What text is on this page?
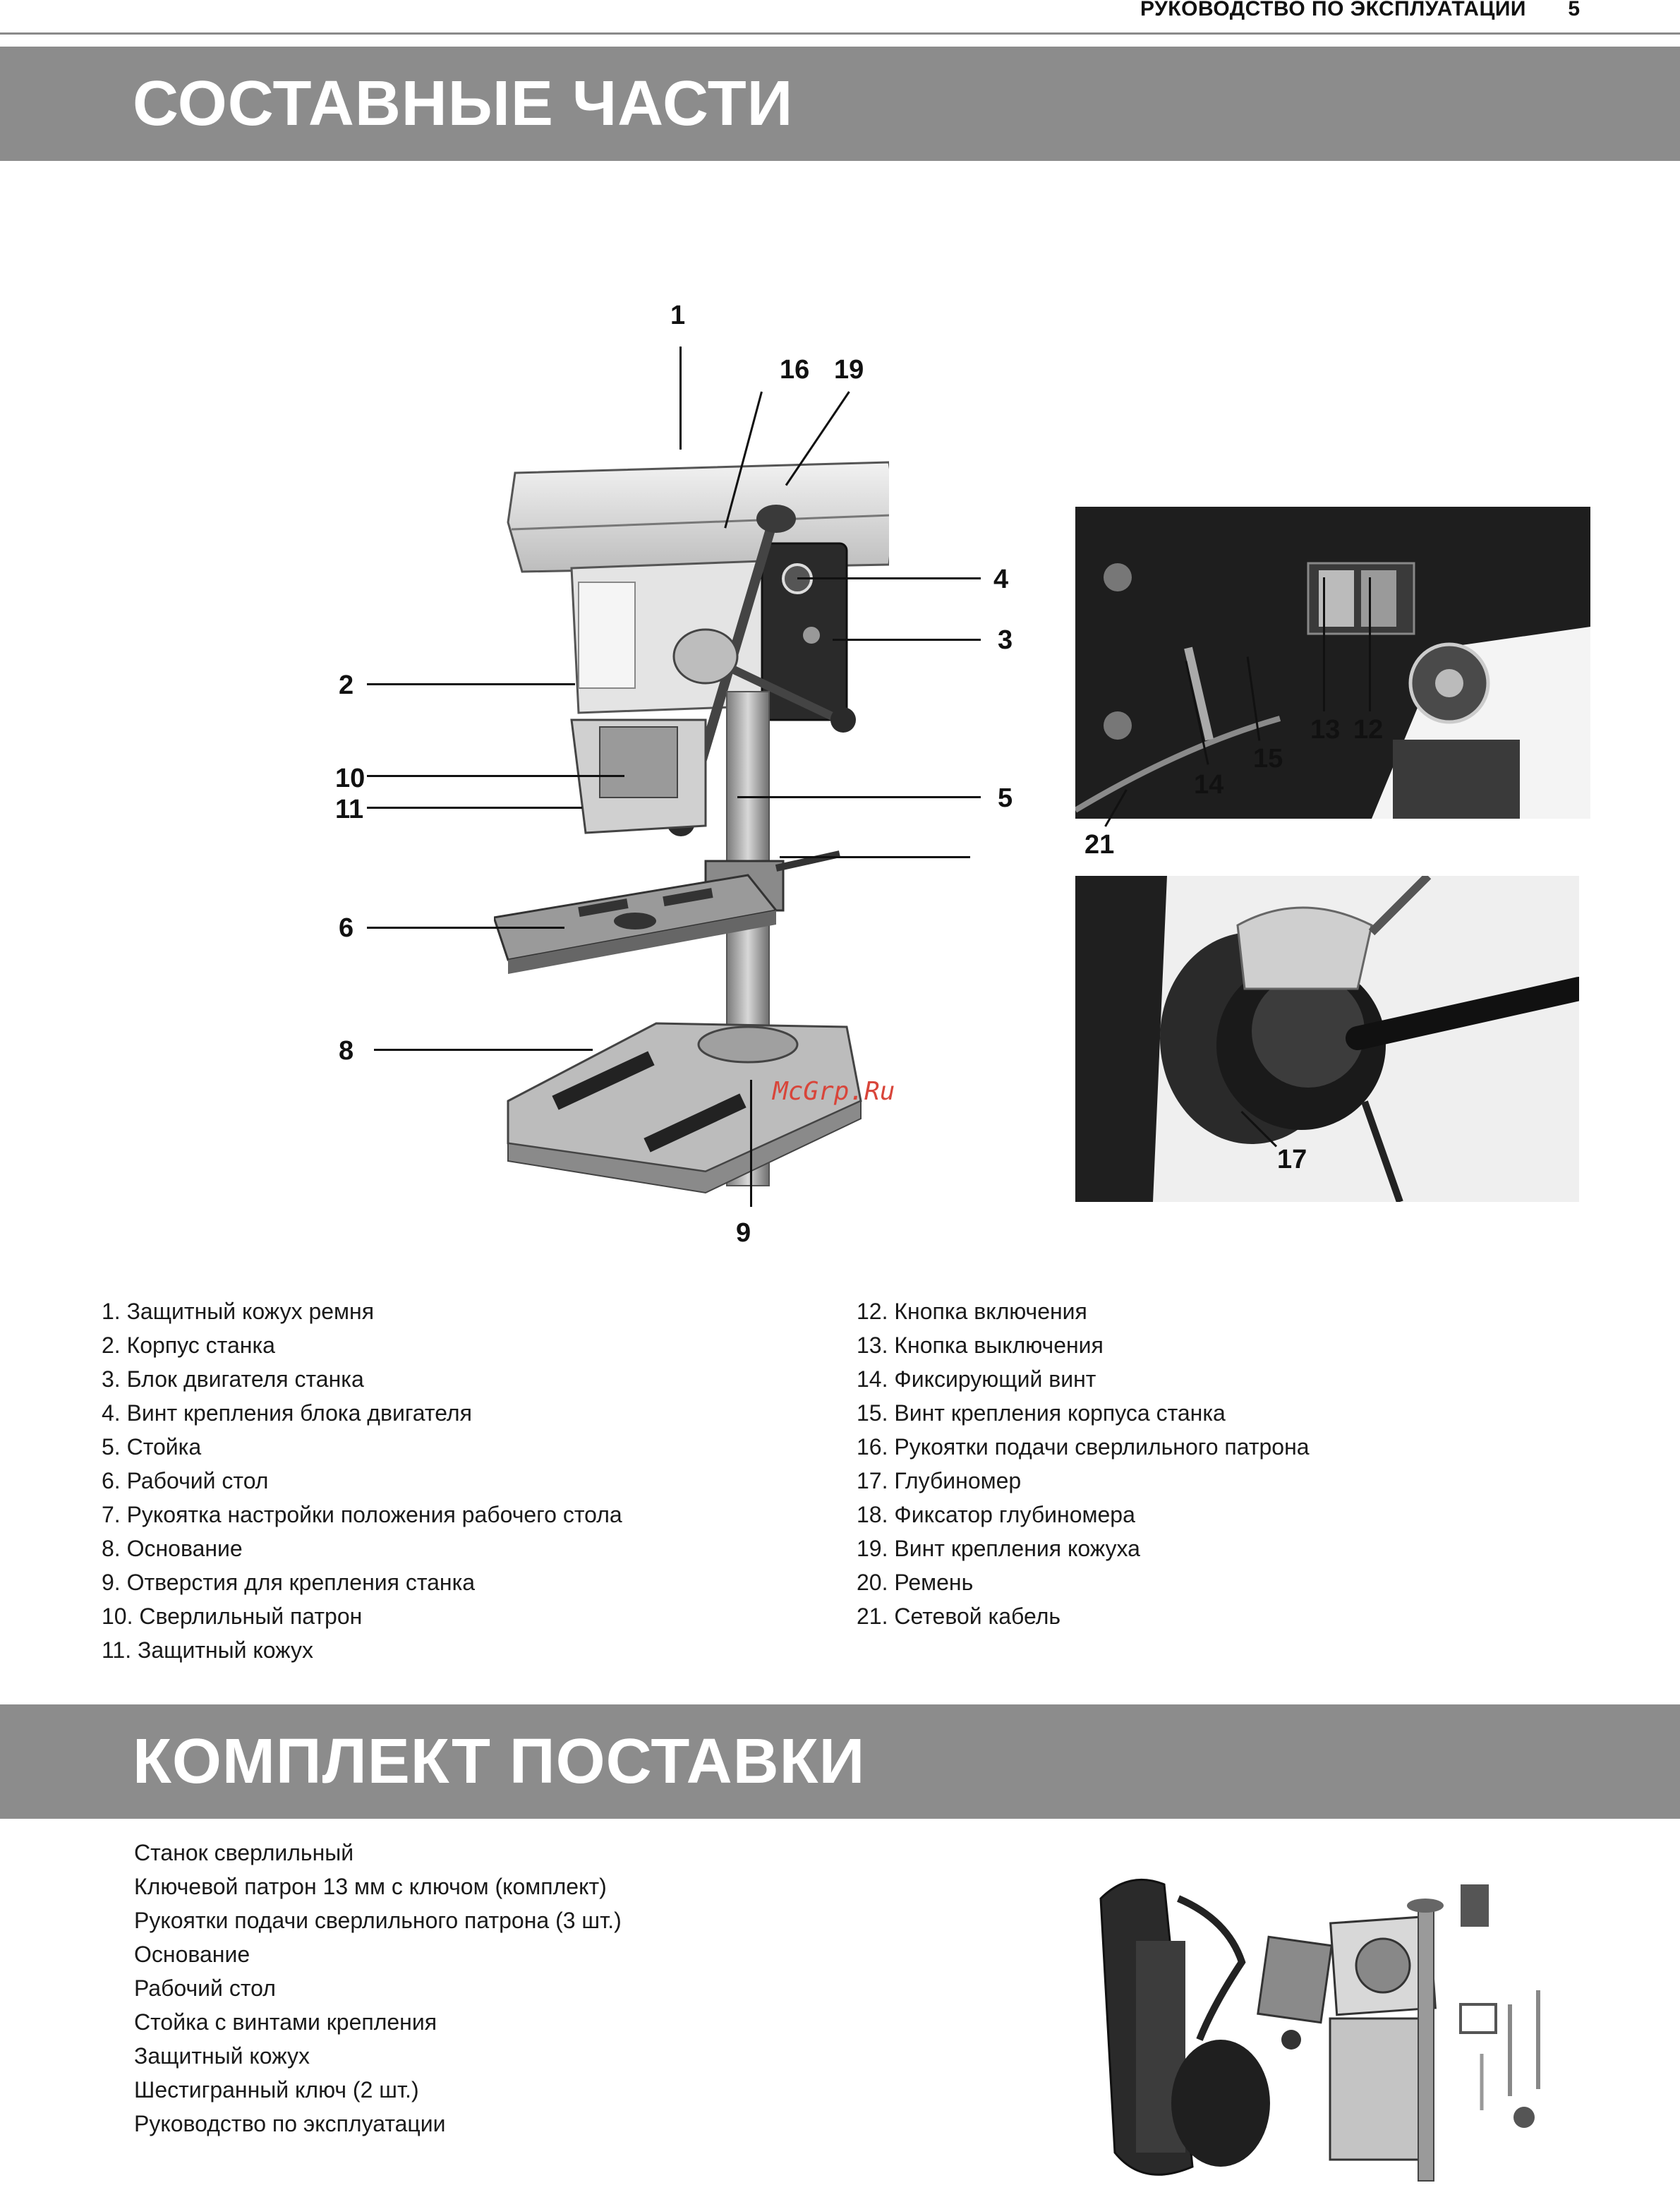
РУКОВОДСТВО ПО ЭКСПЛУАТАЦИИ 5
СОСТАВНЫЕ ЧАСТИ
1
16 19
4
3
2
10
11	5
6
8
9
McGrp.Ru
13 12
15
14
21
17
1. Защитный кожух ремня
2. Корпус станка
3. Блок двигателя станка
4. Винт крепления блока двигателя
5. Стойка
6. Рабочий стол
7. Рукоятка настройки положения рабочего стола
8. Основание
9. Отверстия для крепления станка
10. Сверлильный патрон
11. Защитный кожух
12. Кнопка включения
13. Кнопка выключения
14. Фиксирующий винт
15. Винт крепления корпуса станка
16. Рукоятки подачи сверлильного патрона
17. Глубиномер
18. Фиксатор глубиномера
19. Винт крепления кожуха
20. Ремень
21. Сетевой кабель
КОМПЛЕКТ ПОСТАВКИ
Станок сверлильный
Ключевой патрон 13 мм с ключом (комплект)
Рукоятки подачи сверлильного патрона (3 шт.)
Основание
Рабочий стол
Стойка с винтами крепления
Защитный кожух
Шестигранный ключ (2 шт.)
Руководство по эксплуатации
